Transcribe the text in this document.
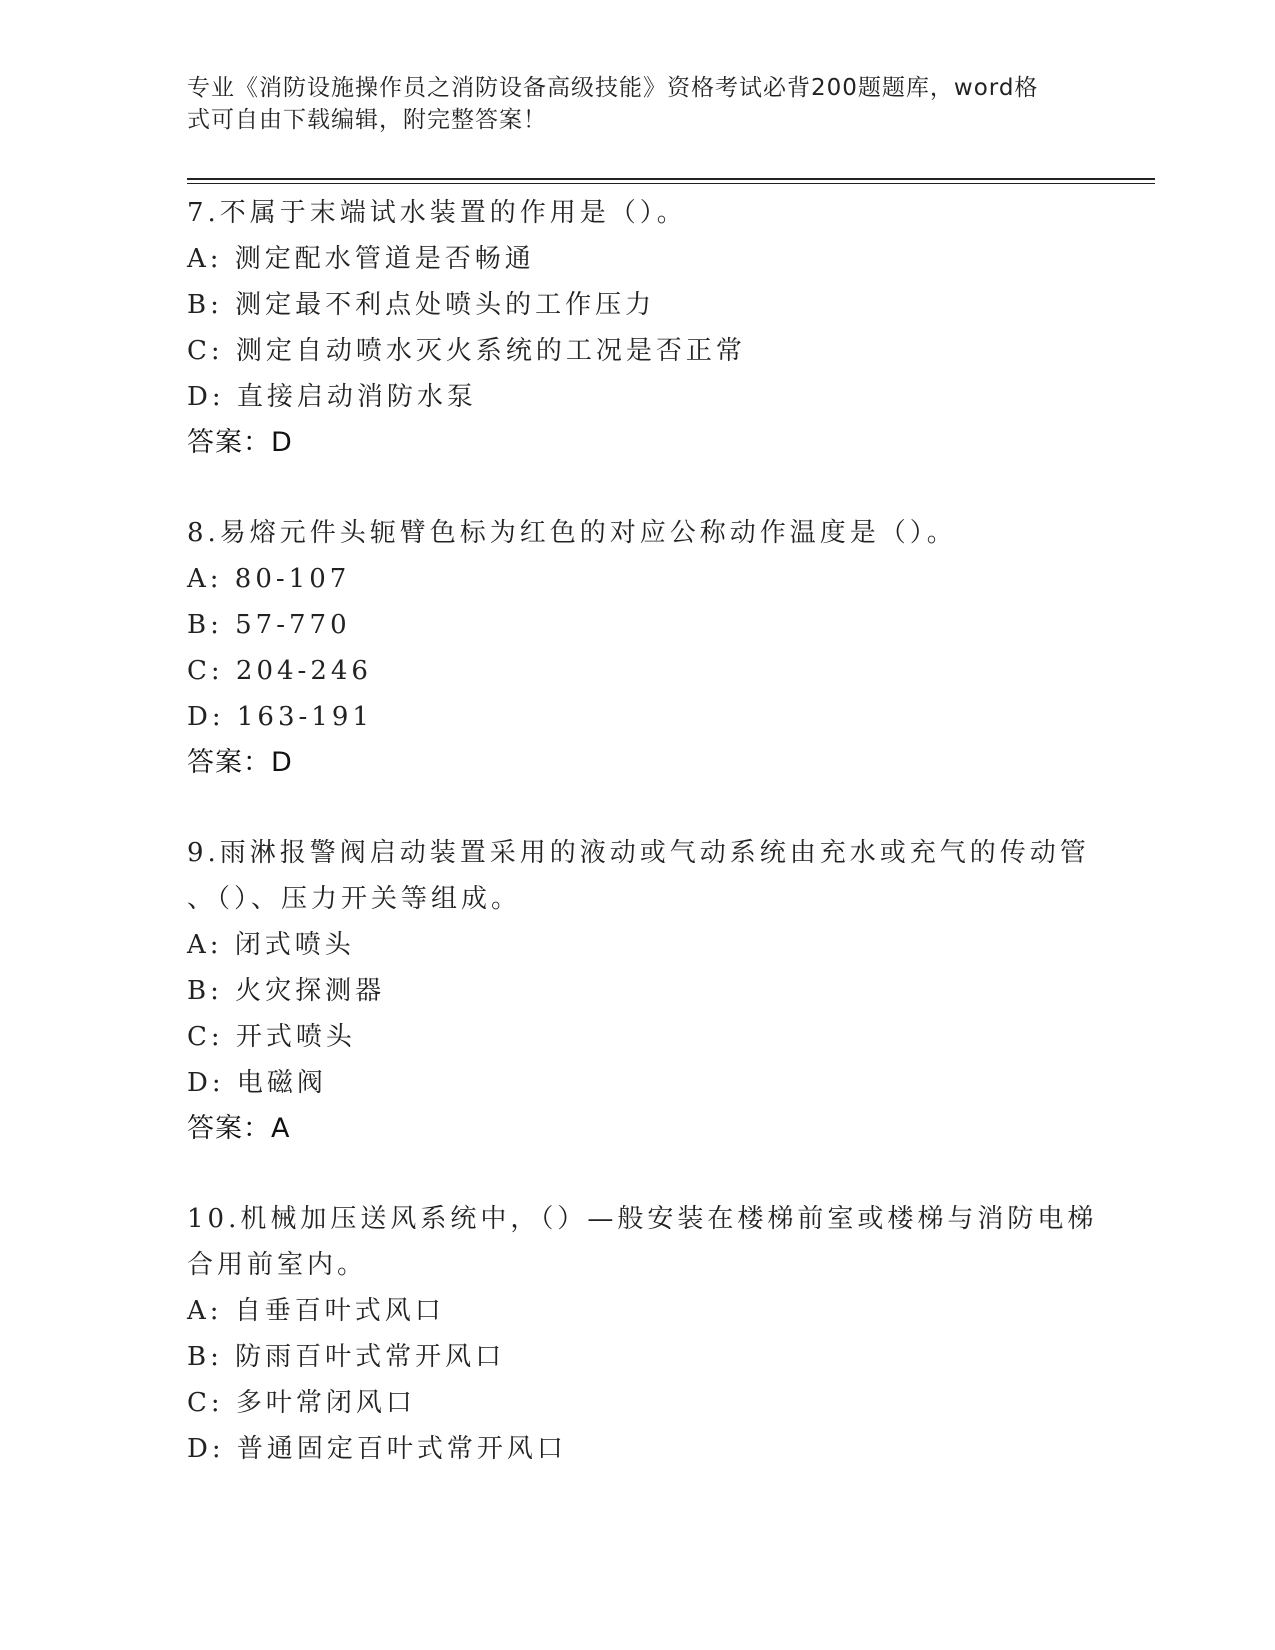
专业《消防设施操作员之消防设备高级技能》资格考试必背200题题库，word格
式可自由下载编辑，附完整答案！
7.不属于末端试水装置的作用是（）。
A: 测定配水管道是否畅通
B: 测定最不利点处喷头的工作压力
C: 测定自动喷水灭火系统的工况是否正常
D: 直接启动消防水泵
答案：D
8.易熔元件头轭臂色标为红色的对应公称动作温度是（）。
A: 80-107
B: 57-770
C: 204-246
D: 163-191
答案：D
9.雨淋报警阀启动装置采用的液动或气动系统由充水或充气的传动管
、（）、压力开关等组成。
A: 闭式喷头
B: 火灾探测器
C: 开式喷头
D: 电磁阀
答案：A
10.机械加压送风系统中，（）—般安装在楼梯前室或楼梯与消防电梯
合用前室内。
A: 自垂百叶式风口
B: 防雨百叶式常开风口
C: 多叶常闭风口
D: 普通固定百叶式常开风口
